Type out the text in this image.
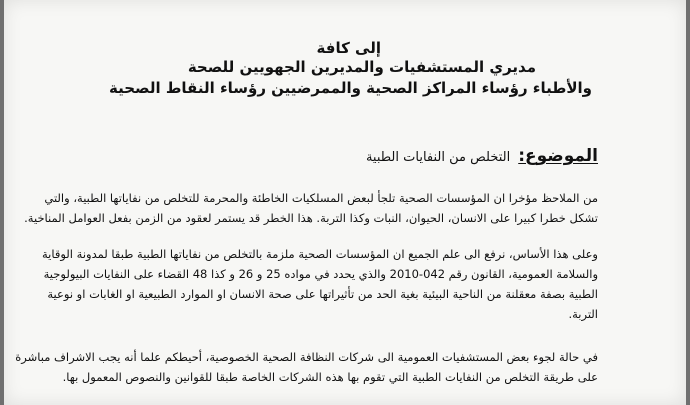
إلى كافة
مديري المستشفيات والمديرين الجهويين للصحة
والأطباء رؤساء المراكز الصحية والممرضيين رؤساء النقاط الصحية
الموضوع:
التخلص من النفايات الطبية
من الملاحظ مؤخرا ان المؤسسات الصحية تلجأ لبعض المسلكيات الخاطئة والمحرمة للتخلص من نفاياتها الطبية، والتي
تشكل خطرا كبيرا على الانسان، الحيوان، النبات وكذا التربة. هذا الخطر قد يستمر لعقود من الزمن بفعل العوامل المناخية.
وعلى هذا الأساس، نرفع الى علم الجميع ان المؤسسات الصحية ملزمة بالتخلص من نفاياتها الطبية طبقا لمدونة الوقاية
والسلامة العمومية، القانون رقم 042-2010 والذي يحدد في مواده 25 و 26 و كذا 48 القضاء على النفايات البيولوجية
الطبية بصفة معقلنة من الناحية البيئية بغية الحد من تأثيراتها على صحة الانسان او الموارد الطبيعية او الغابات او نوعية
التربة.
في حالة لجوء بعض المستشفيات العمومية الى شركات النظافة الصحية الخصوصية، أحيطكم علما أنه يجب الاشراف مباشرة
على طريقة التخلص من النفايات الطبية التي تقوم بها هذه الشركات الخاصة طبقا للقوانين والنصوص المعمول بها.
